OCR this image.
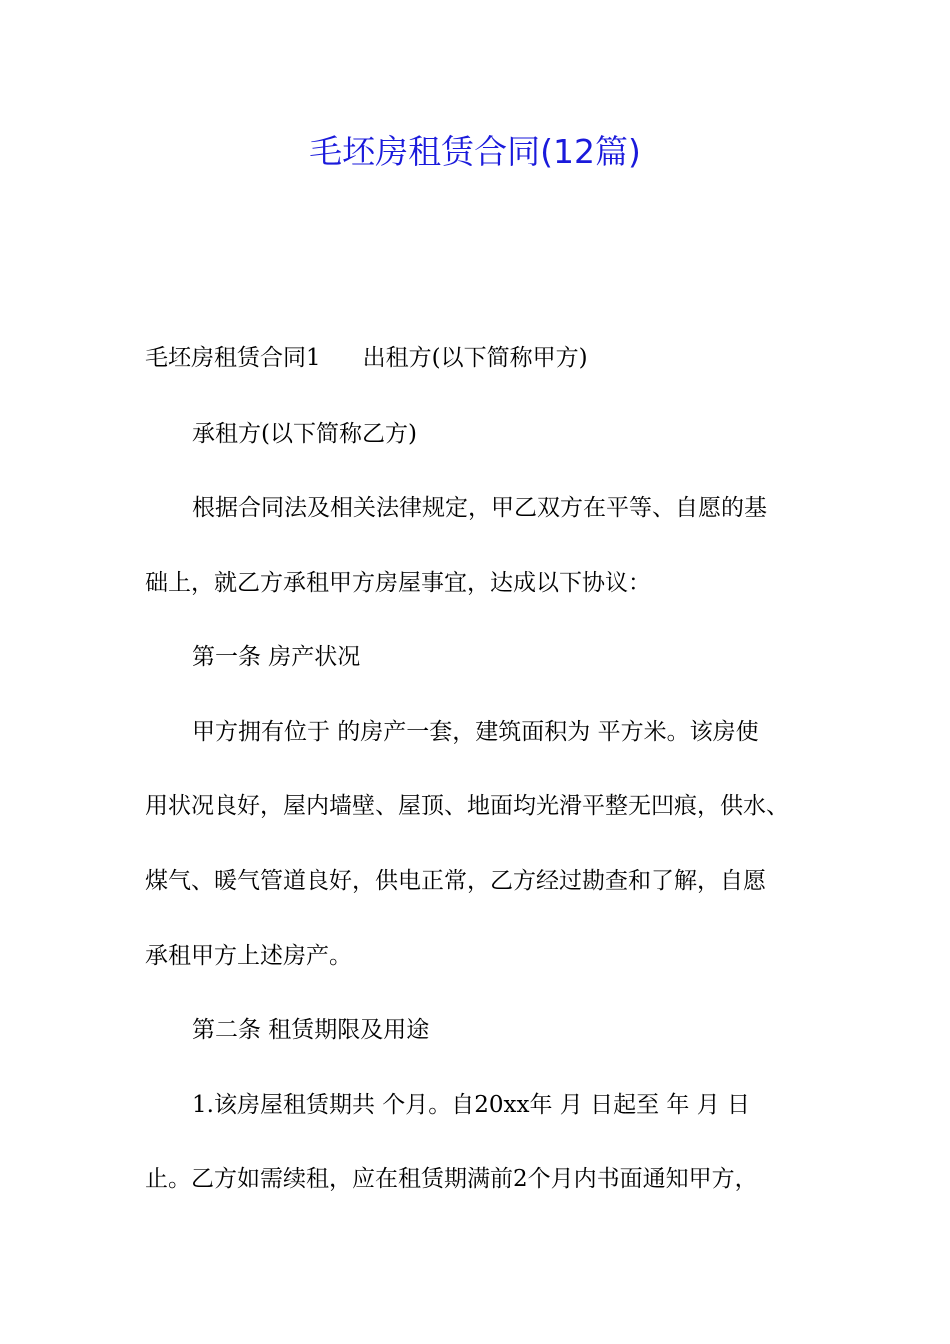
毛坯房租赁合同(12篇)
毛坯房租赁合同1 出租方(以下简称甲方)
承租方(以下简称乙方)
根据合同法及相关法律规定，甲乙双方在平等、自愿的基
础上，就乙方承租甲方房屋事宜，达成以下协议：
第一条 房产状况
甲方拥有位于 的房产一套，建筑面积为 平方米。该房使
用状况良好，屋内墙壁、屋顶、地面均光滑平整无凹痕，供水、
煤气、暖气管道良好，供电正常，乙方经过勘查和了解，自愿
承租甲方上述房产。
第二条 租赁期限及用途
1.该房屋租赁期共 个月。自20xx年 月 日起至 年 月 日
止。乙方如需续租，应在租赁期满前2个月内书面通知甲方，
